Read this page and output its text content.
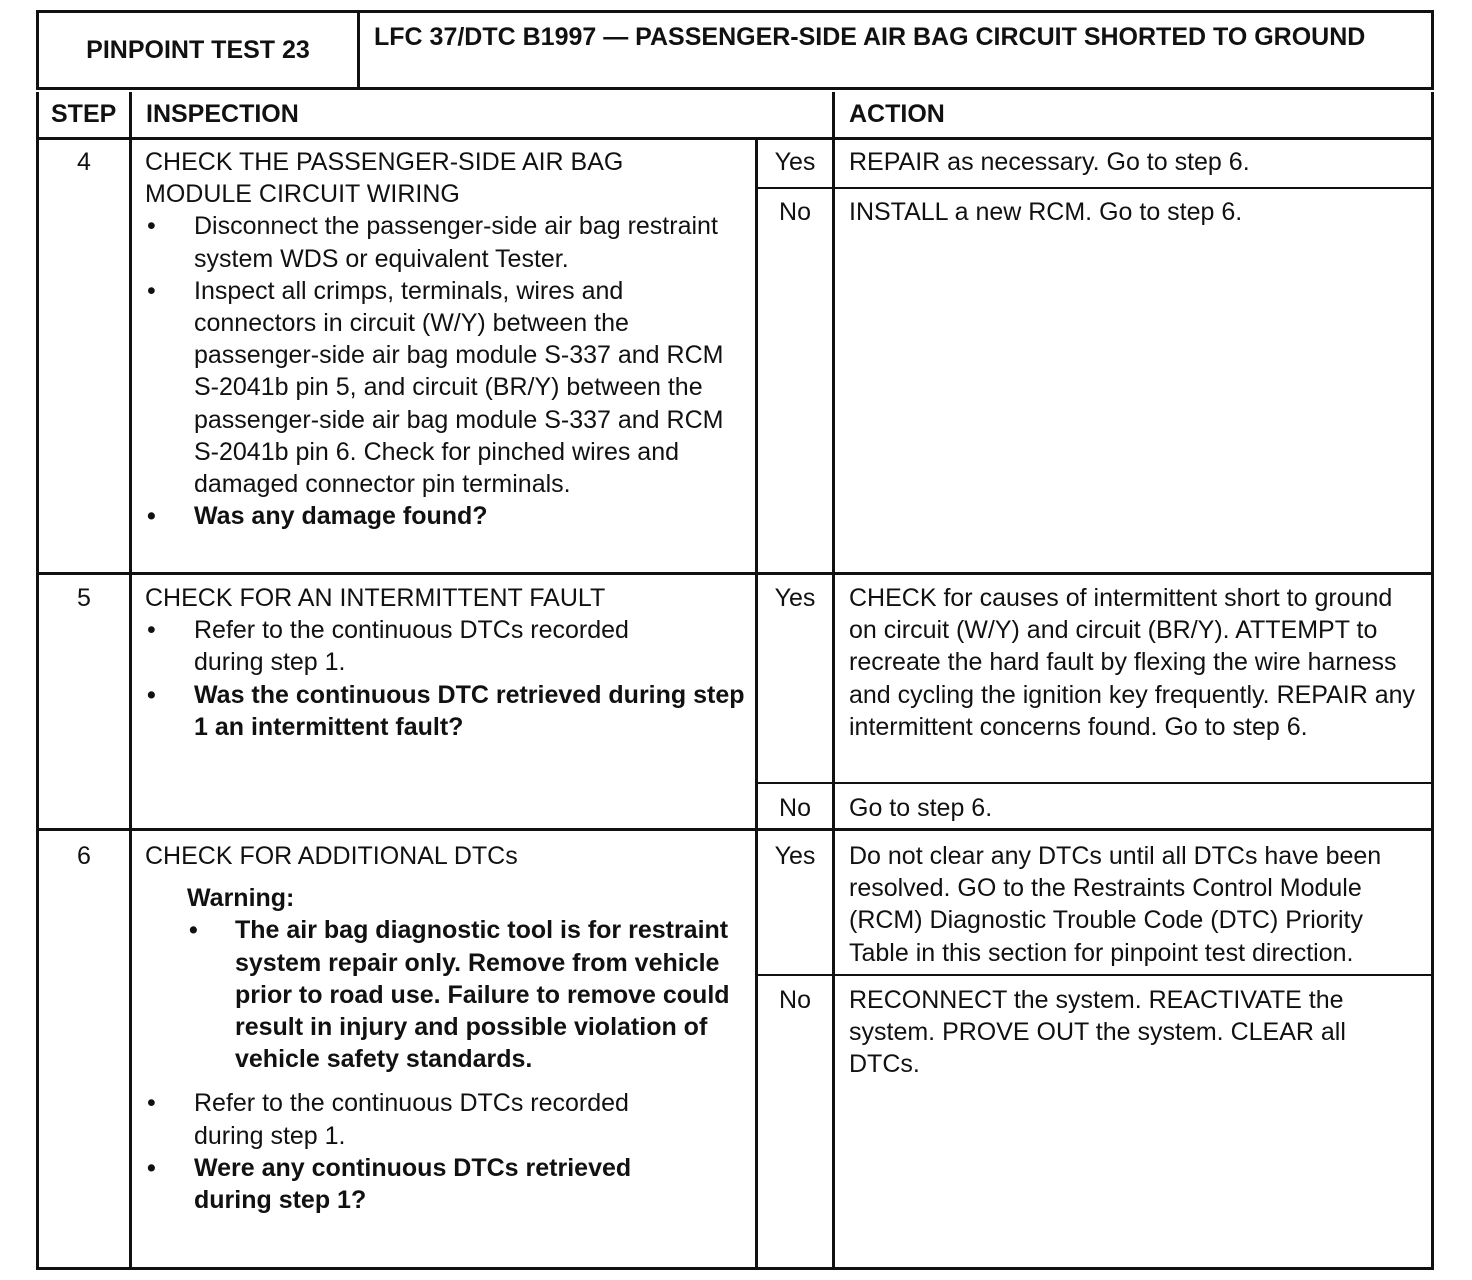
PINPOINT TEST 23	LFC 37/DTC B1997 — PASSENGER-SIDE AIR BAG CIRCUIT SHORTED TO GROUND
STEP INSPECTION	ACTION
4	CHECK THE PASSENGER-SIDE AIR BAG MODULE CIRCUIT WIRING
• Disconnect the passenger-side air bag restraint system WDS or equivalent Tester.
• Inspect all crimps, terminals, wires and connectors in circuit (W/Y) between the passenger-side air bag module S-337 and RCM S-2041b pin 5, and circuit (BR/Y) between the passenger-side air bag module S-337 and RCM S-2041b pin 6. Check for pinched wires and damaged connector pin terminals.
• Was any damage found?
Yes	REPAIR as necessary. Go to step 6.
No	INSTALL a new RCM. Go to step 6.
5	CHECK FOR AN INTERMITTENT FAULT
• Refer to the continuous DTCs recorded during step 1.
• Was the continuous DTC retrieved during step 1 an intermittent fault?
Yes	CHECK for causes of intermittent short to ground on circuit (W/Y) and circuit (BR/Y). ATTEMPT to recreate the hard fault by flexing the wire harness and cycling the ignition key frequently. REPAIR any intermittent concerns found. Go to step 6.
No	Go to step 6.
6	CHECK FOR ADDITIONAL DTCs
Warning:
• The air bag diagnostic tool is for restraint system repair only. Remove from vehicle prior to road use. Failure to remove could result in injury and possible violation of vehicle safety standards.
• Refer to the continuous DTCs recorded during step 1.
• Were any continuous DTCs retrieved during step 1?
Yes	Do not clear any DTCs until all DTCs have been resolved. GO to the Restraints Control Module (RCM) Diagnostic Trouble Code (DTC) Priority Table in this section for pinpoint test direction.
No	RECONNECT the system. REACTIVATE the system. PROVE OUT the system. CLEAR all DTCs.
